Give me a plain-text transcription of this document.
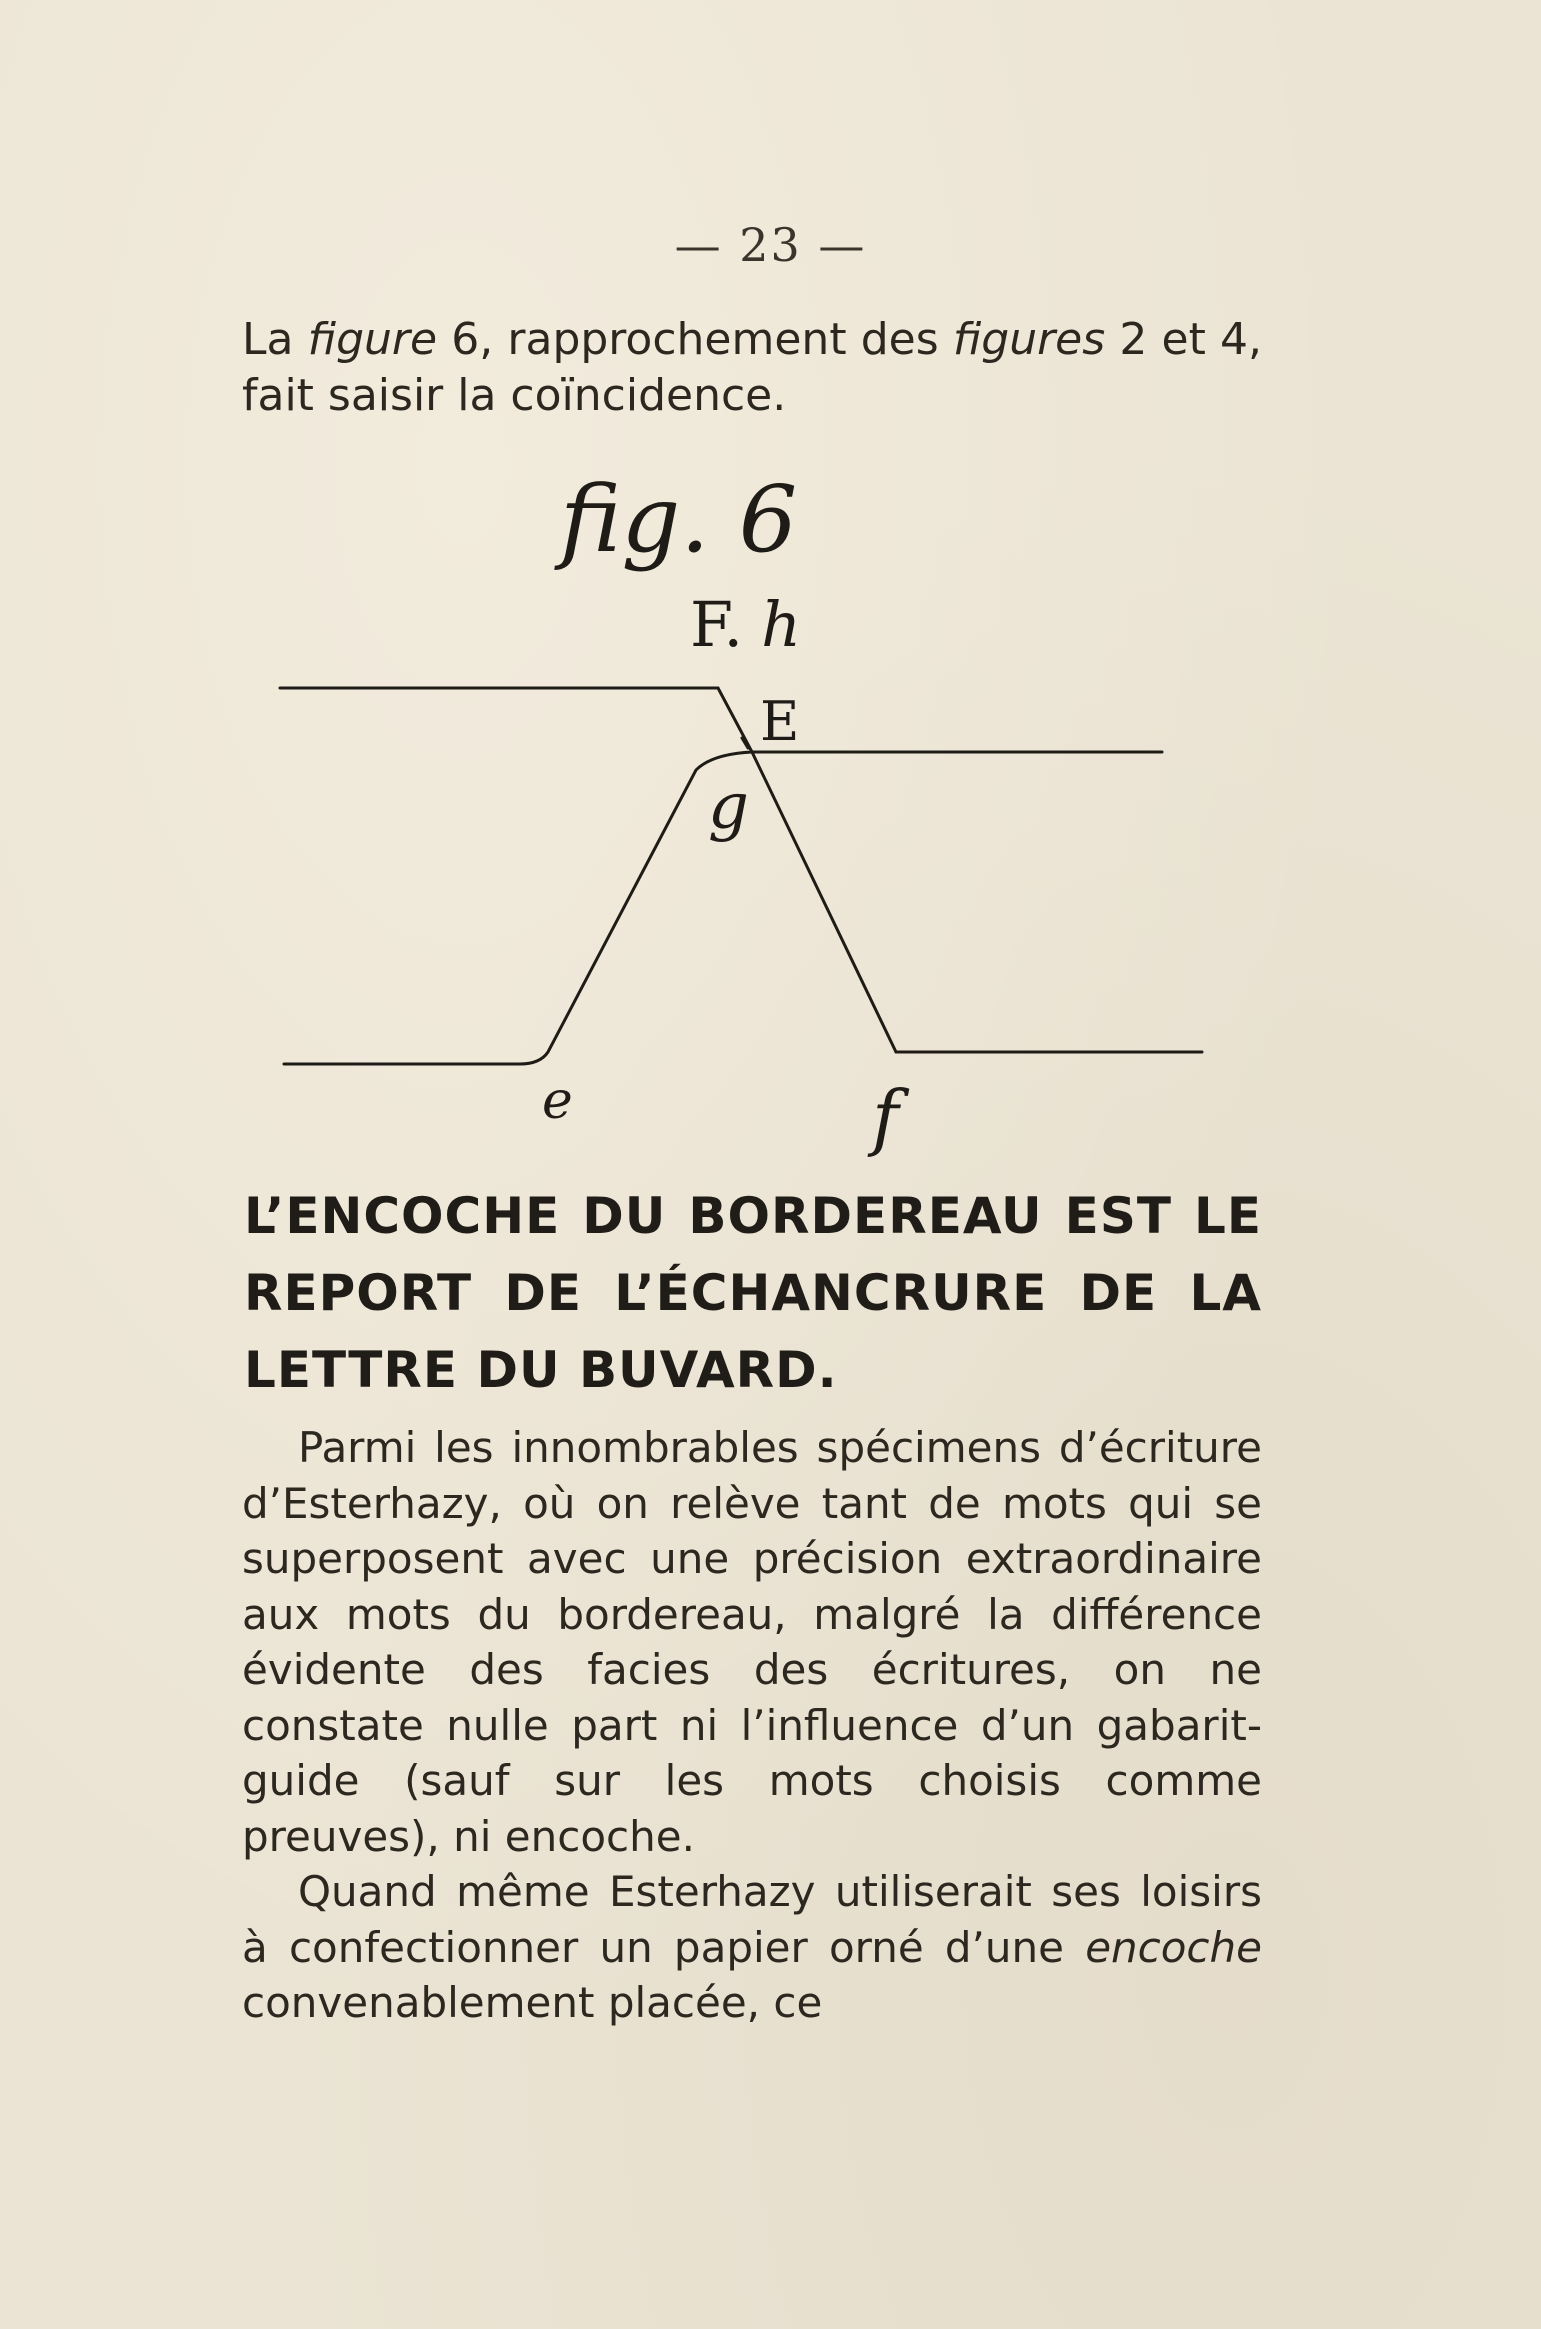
— 23 —
La figure 6, rapprochement des figures 2 et 4, fait saisir la coïncidence.
fig. 6
F. h
E
g
e	f
L’ENCOCHE DU BORDEREAU EST LE REPORT DE L’ÉCHANCRURE DE LA LETTRE DU BUVARD.

Parmi les innombrables spécimens d’écriture d’Esterhazy, où on relève tant de mots qui se superposent avec une précision extraordinaire aux mots du bordereau, malgré la différence évidente des facies des écritures, on ne constate nulle part ni l’influence d’un gabarit-guide (sauf sur les mots choisis comme preuves), ni encoche.

Quand même Esterhazy utiliserait ses loisirs à confectionner un papier orné d’une encoche convenablement placée, ce
